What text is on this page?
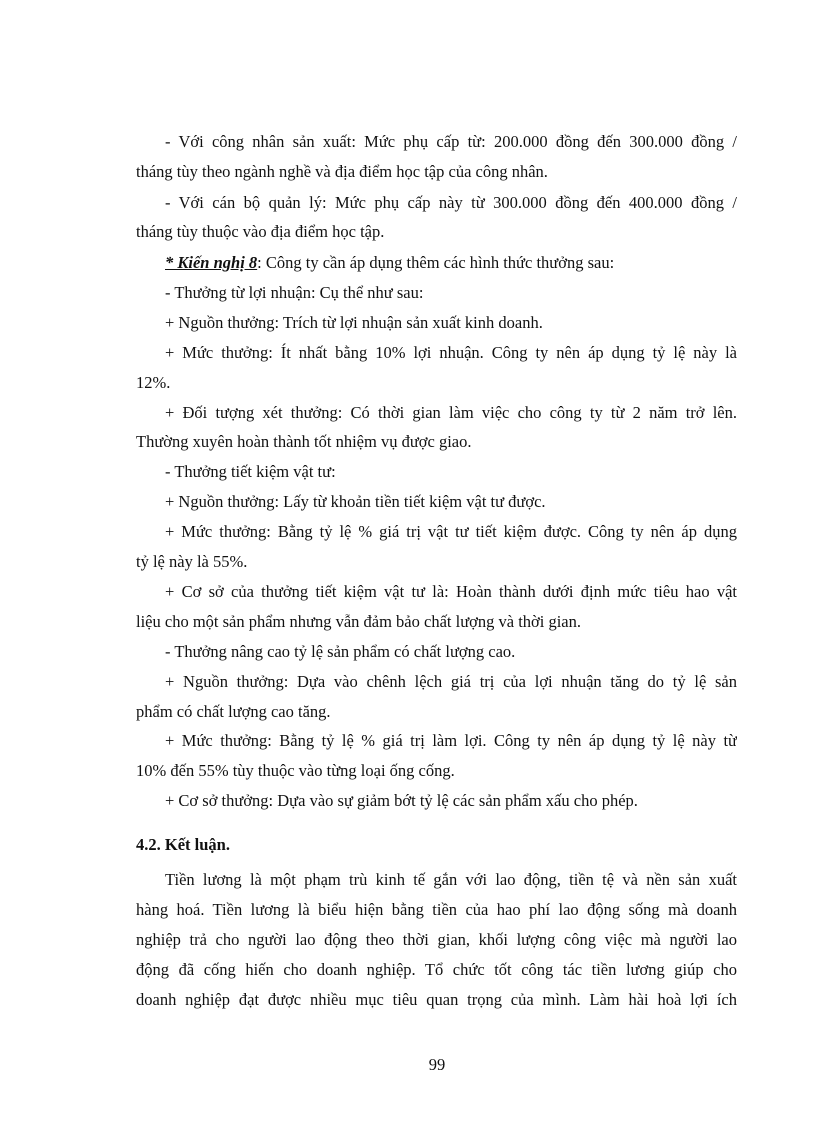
- Với công nhân sản xuất: Mức phụ cấp từ: 200.000 đồng đến 300.000 đồng /
tháng tùy theo ngành nghề và địa điểm học tập của công nhân.
- Với cán bộ quản lý: Mức phụ cấp này từ 300.000 đồng đến 400.000 đồng /
tháng tùy thuộc vào địa điểm học tập.
* Kiến nghị 8: Công ty cần áp dụng thêm các hình thức thưởng sau:
- Thưởng từ lợi nhuận: Cụ thể như sau:
+ Nguồn thưởng: Trích từ lợi nhuận sản xuất kinh doanh.
+ Mức thưởng: Ít nhất bằng 10% lợi nhuận. Công ty nên áp dụng tỷ lệ này là
12%.
+ Đối tượng xét thưởng: Có thời gian làm việc cho công ty từ 2 năm trở lên.
Thường xuyên hoàn thành tốt nhiệm vụ được giao.
- Thưởng tiết kiệm vật tư:
+ Nguồn thưởng: Lấy từ khoản tiền tiết kiệm vật tư được.
+ Mức thưởng: Bằng tỷ lệ % giá trị vật tư tiết kiệm được. Công ty nên áp dụng
tỷ lệ này là 55%.
+ Cơ sở của thưởng tiết kiệm vật tư là: Hoàn thành dưới định mức tiêu hao vật
liệu cho một sản phẩm nhưng vẫn đảm bảo chất lượng và thời gian.
- Thưởng nâng cao tỷ lệ sản phẩm có chất lượng cao.
+ Nguồn thưởng: Dựa vào chênh lệch giá trị của lợi nhuận tăng do tỷ lệ sản
phẩm có chất lượng cao tăng.
+ Mức thưởng: Bằng tỷ lệ % giá trị làm lợi. Công ty nên áp dụng tỷ lệ này từ
10% đến 55% tùy thuộc vào từng loại ống cống.
+ Cơ sở thưởng: Dựa vào sự giảm bớt tỷ lệ các sản phẩm xấu cho phép.
4.2. Kết luận.
Tiền lương là một phạm trù kinh tế gắn với lao động, tiền tệ và nền sản xuất
hàng hoá. Tiền lương là biểu hiện bằng tiền của hao phí lao động sống mà doanh
nghiệp trả cho người lao động theo thời gian, khối lượng công việc mà người lao
động đã cống hiến cho doanh nghiệp. Tổ chức tốt công tác tiền lương giúp cho
doanh nghiệp đạt được nhiều mục tiêu quan trọng của mình. Làm hài hoà lợi ích
99
